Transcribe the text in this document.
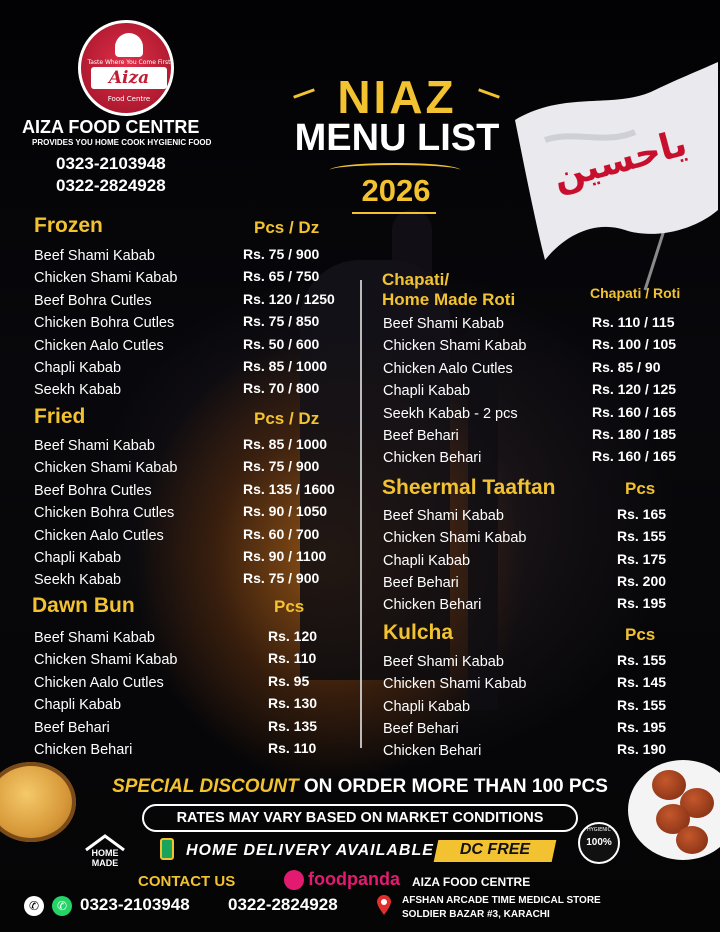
Taste Where You Come First
Aiza
Food Centre
AIZA FOOD CENTRE
PROVIDES YOU HOME COOK HYGIENIC FOOD
0323-2103948
0322-2824928
NIAZ
MENU LIST
2026	یاحسین
Frozen	Pcs / Dz
Beef Shami Kabab	Rs. 75 / 900
Chicken Shami Kabab	Rs. 65 / 750
Beef Bohra Cutles	Rs. 120 / 1250
Chicken Bohra Cutles	Rs. 75 / 850
Chicken Aalo Cutles	Rs. 50 / 600
Chapli Kabab	Rs. 85 / 1000
Seekh Kabab	Rs. 70 / 800
Fried	Pcs / Dz
Beef Shami Kabab	Rs. 85 / 1000
Chicken Shami Kabab	Rs. 75 / 900
Beef Bohra Cutles	Rs. 135 / 1600
Chicken Bohra Cutles	Rs. 90 / 1050
Chicken Aalo Cutles	Rs. 60 / 700
Chapli Kabab	Rs. 90 / 1100
Seekh Kabab	Rs. 75 / 900
Dawn Bun	Pcs
Beef Shami Kabab	Rs. 120
Chicken Shami Kabab	Rs. 110
Chicken Aalo Cutles	Rs. 95
Chapli Kabab	Rs. 130
Beef Behari	Rs. 135
Chicken Behari	Rs. 110
Chapati/
Home Made Roti	Chapati / Roti
Beef Shami Kabab	Rs. 110 / 115
Chicken Shami Kabab	Rs. 100 / 105
Chicken Aalo Cutles	Rs. 85 / 90
Chapli Kabab	Rs. 120 / 125
Seekh Kabab - 2 pcs	Rs. 160 / 165
Beef Behari	Rs. 180 / 185
Chicken Behari	Rs. 160 / 165
Sheermal Taaftan	Pcs
Beef Shami Kabab	Rs. 165
Chicken Shami Kabab	Rs. 155
Chapli Kabab	Rs. 175
Beef Behari	Rs. 200
Chicken Behari	Rs. 195
Kulcha	Pcs
Beef Shami Kabab	Rs. 155
Chicken Shami Kabab	Rs. 145
Chapli Kabab	Rs. 155
Beef Behari	Rs. 195
Chicken Behari	Rs. 190
SPECIAL DISCOUNT ON ORDER MORE THAN 100 PCS
RATES MAY VARY BASED ON MARKET CONDITIONS
HOME MADE
HOME DELIVERY AVAILABLE	DC FREE	100%
HYGIENIC
CONTACT US	foodpanda AIZA FOOD CENTRE
✆	✆ 0323-2103948 0322-2824928	AFSHAN ARCADE TIME MEDICAL STORE
SOLDIER BAZAR #3, KARACHI
